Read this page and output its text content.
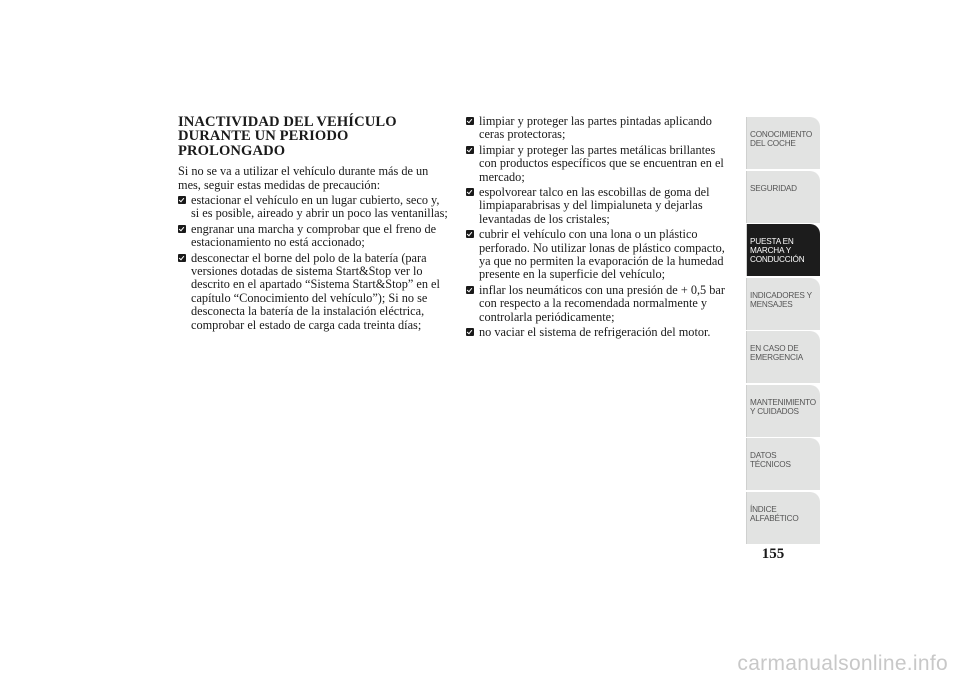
INACTIVIDAD DEL VEHÍCULO
DURANTE UN PERIODO
PROLONGADO

Si no se va a utilizar el vehículo durante más de un mes, seguir estas medidas de precaución:

estacionar el vehículo en un lugar cubierto, seco y, si es posible, aireado y abrir un poco las ventanillas;
engranar una marcha y comprobar que el freno de estacionamiento no está accionado;
desconectar el borne del polo de la batería (para versiones dotadas de sistema Start&Stop ver lo descrito en el apartado “Sistema Start&Stop” en el capítulo “Conocimiento del vehículo”); Si no se desconecta la batería de la instalación eléctrica, comprobar el estado de carga cada treinta días;
limpiar y proteger las partes pintadas aplicando ceras protectoras;
limpiar y proteger las partes metálicas brillantes con productos específicos que se encuentran en el mercado;
espolvorear talco en las escobillas de goma del limpiaparabrisas y del limpialuneta y dejarlas levantadas de los cristales;
cubrir el vehículo con una lona o un plástico perforado. No utilizar lonas de plástico compacto, ya que no permiten la evaporación de la humedad presente en la superficie del vehículo;
inflar los neumáticos con una presión de + 0,5 bar con respecto a la recomendada normalmente y controlarla periódicamente;
no vaciar el sistema de refrigeración del motor.
CONOCIMIENTO DEL COCHE
SEGURIDAD
PUESTA EN MARCHA Y CONDUCCIÓN
INDICADORES Y MENSAJES
EN CASO DE EMERGENCIA
MANTENIMIENTO Y CUIDADOS
DATOS TÉCNICOS
ÍNDICE ALFABÉTICO
155
carmanualsonline.info
